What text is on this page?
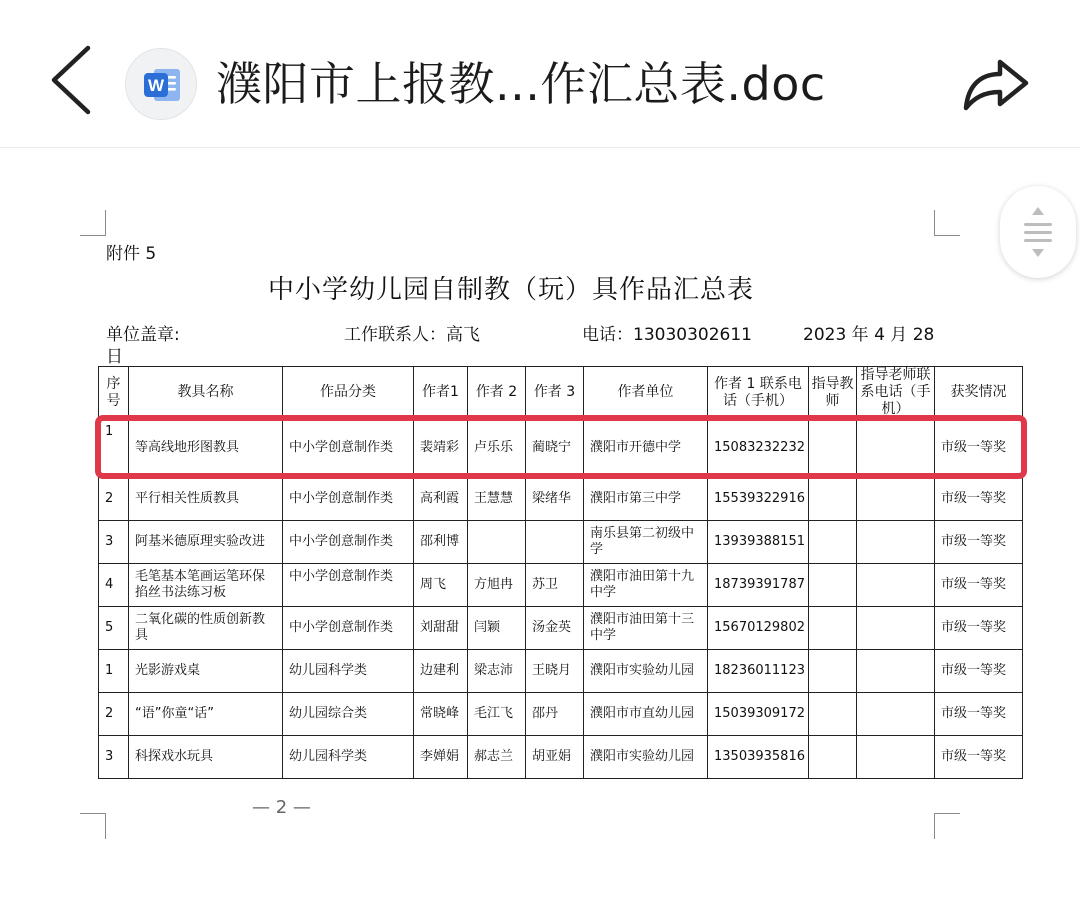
W 濮阳市上报教...作汇总表.doc
附件 5
中小学幼儿园自制教（玩）具作品汇总表
单位盖章:	工作联系人：高飞	电话：13030302611	2023 年 4 月 28
日
序号	教具名称	作品分类	作者1	作者 2	作者 3	作者单位	作者 1 联系电话（手机）	指导教师	指导老师联系电话（手机）	获奖情况
1	等高线地形图教具	中小学创意制作类	裴靖彩	卢乐乐	蔺晓宁	濮阳市开德中学	15083232232			市级一等奖
2	平行相关性质教具	中小学创意制作类	高利霞	王慧慧	梁绪华	濮阳市第三中学	15539322916			市级一等奖
3	阿基米德原理实验改进	中小学创意制作类	邵利博			南乐县第二初级中学	13939388151			市级一等奖
4	毛笔基本笔画运笔环保掐丝书法练习板	中小学创意制作类	周飞	方旭冉	苏卫	濮阳市油田第十九中学	18739391787			市级一等奖
5	二氧化碳的性质创新教具	中小学创意制作类	刘甜甜	闫颖	汤金英	濮阳市油田第十三中学	15670129802			市级一等奖
1	光影游戏桌	幼儿园科学类	边建利	梁志沛	王晓月	濮阳市实验幼儿园	18236011123			市级一等奖
2	“语”你童“话”	幼儿园综合类	常晓峰	毛江飞	邵丹	濮阳市市直幼儿园	15039309172			市级一等奖
3	科探戏水玩具	幼儿园科学类	李婵娟	郝志兰	胡亚娟	濮阳市实验幼儿园	13503935816			市级一等奖
— 2 —
